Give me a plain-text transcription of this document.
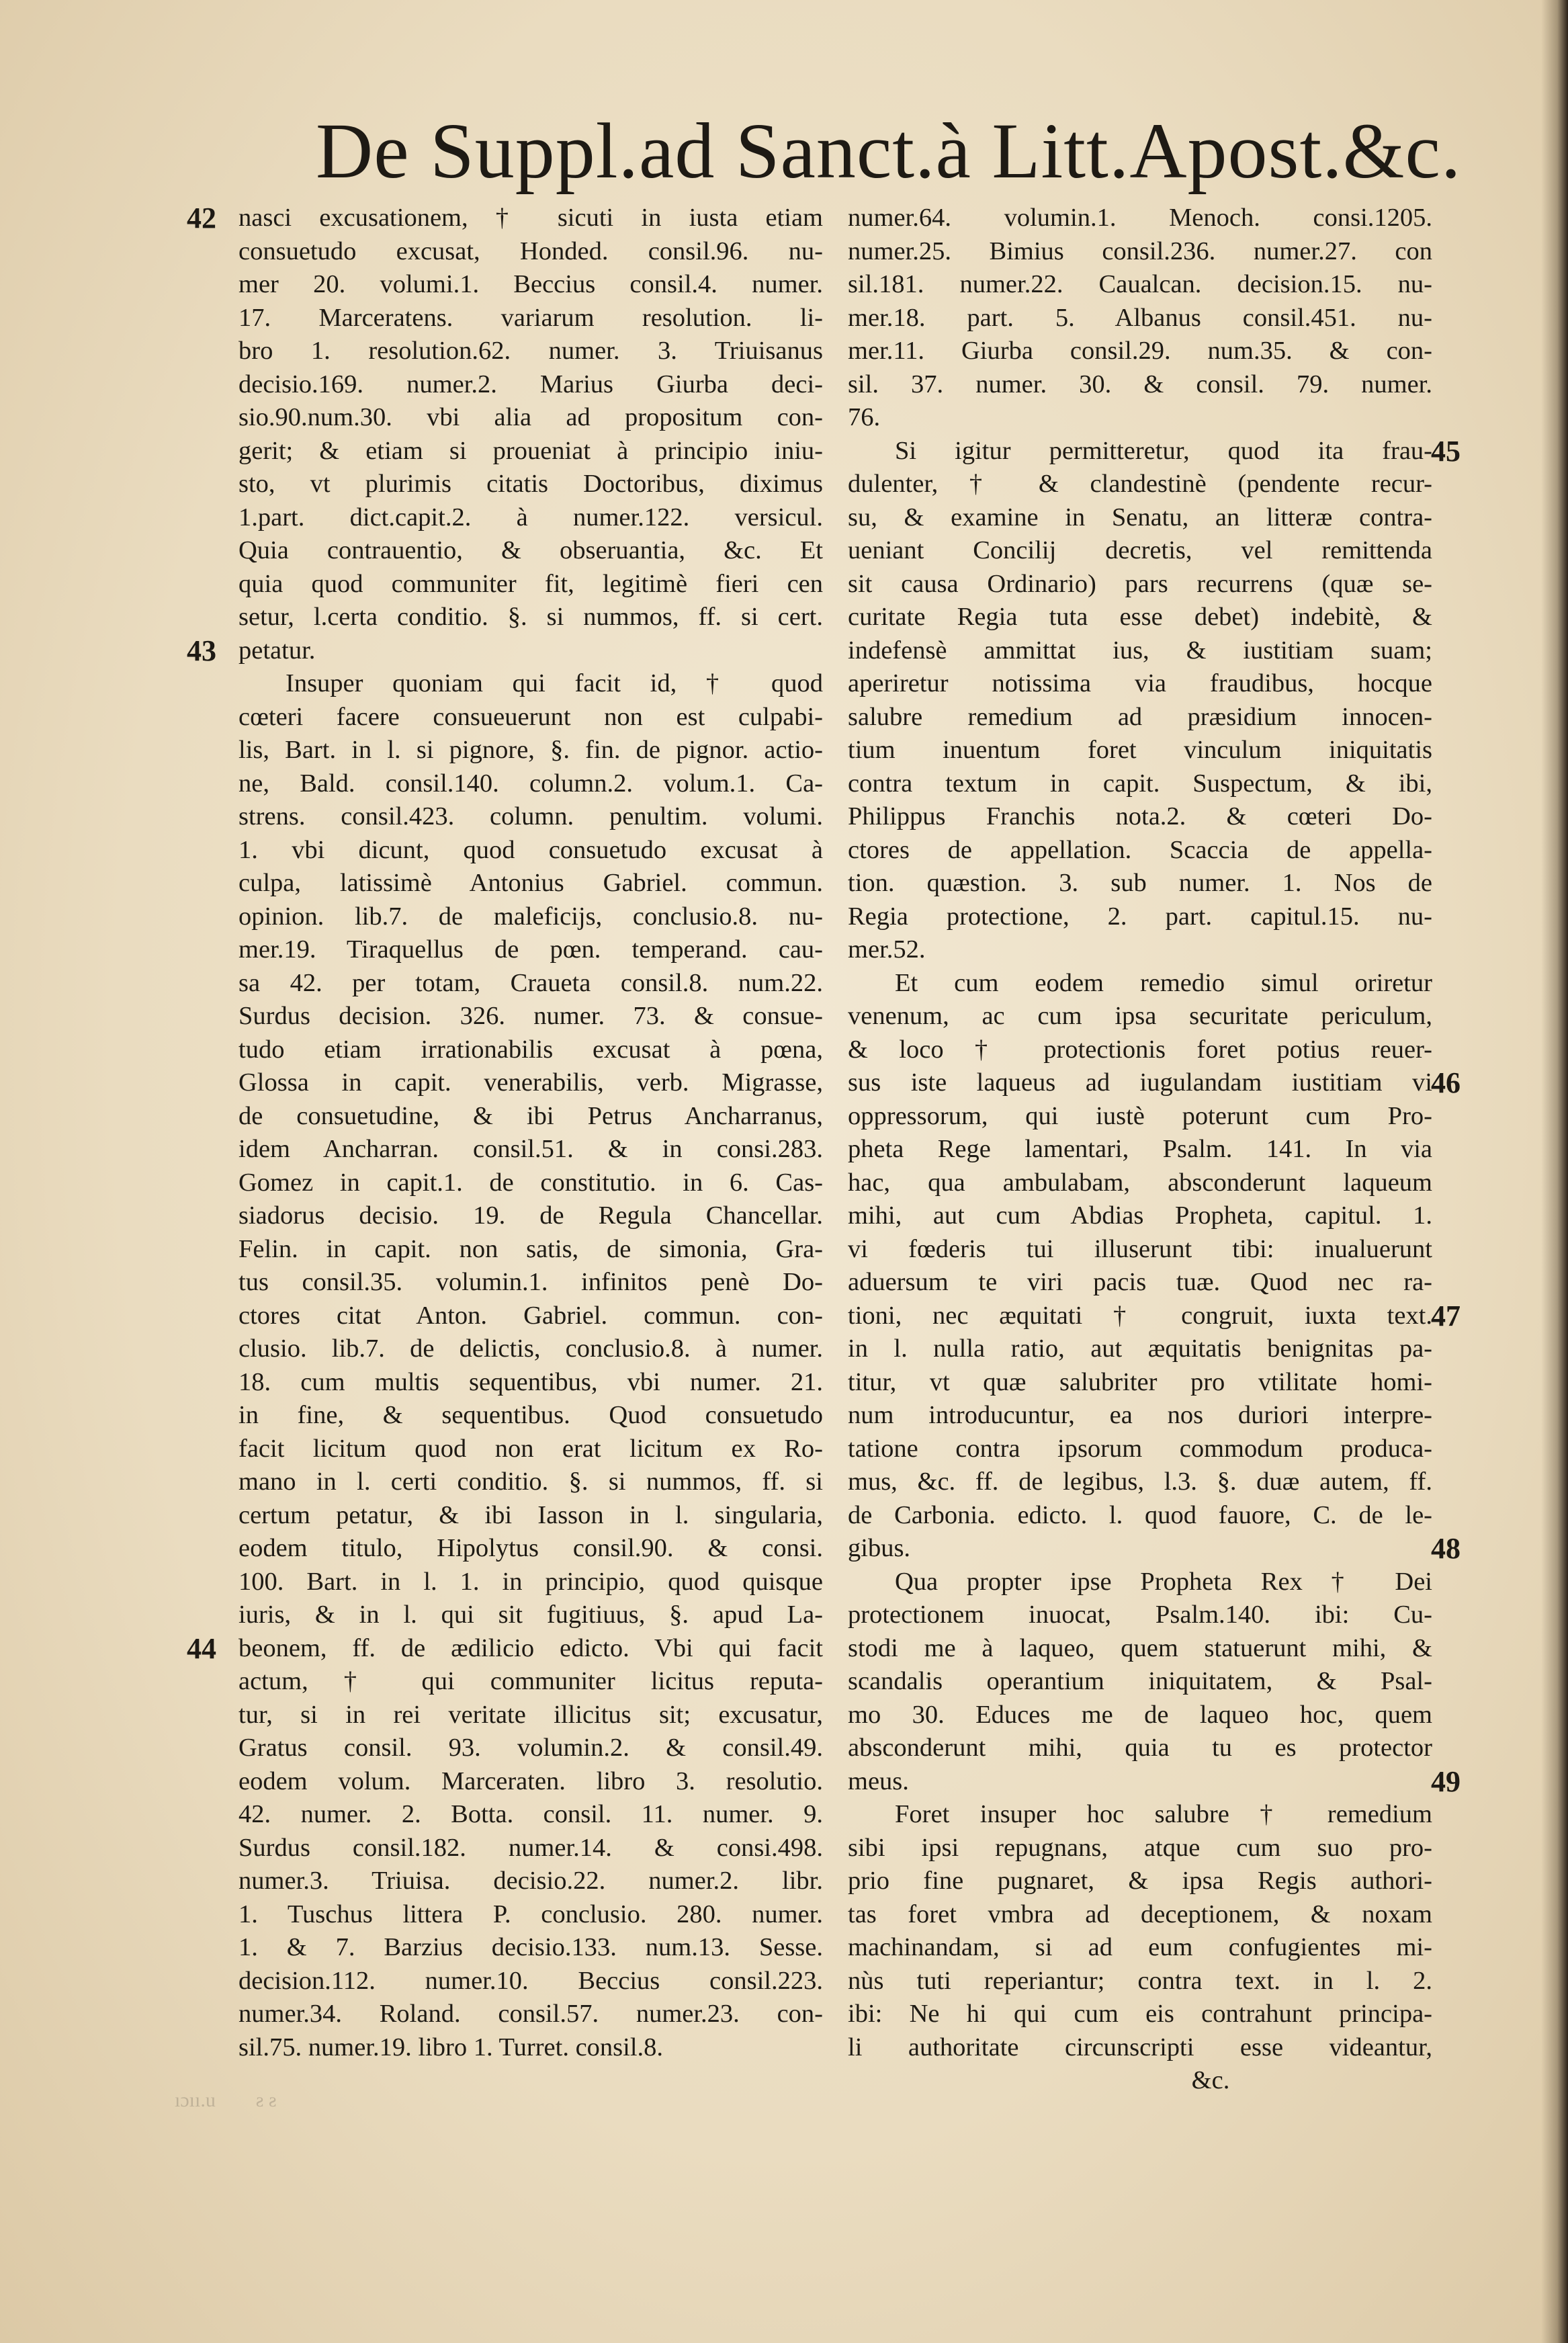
De Suppl.ad Sanct.à Litt.Apost.&c.
nasci excusationem, † sicuti in iusta etiam
consuetudo excusat, Honded. consil.96. nu-
mer 20. volumi.1. Beccius consil.4. numer.
17. Marceratens. variarum resolution. li-
bro 1. resolution.62. numer. 3. Triuisanus
decisio.169. numer.2. Marius Giurba deci-
sio.90.num.30. vbi alia ad propositum con-
gerit; & etiam si proueniat à principio iniu-
sto, vt plurimis citatis Doctoribus, diximus
1.part. dict.capit.2. à numer.122. versicul.
Quia contrauentio, & obseruantia, &c. Et
quia quod communiter fit, legitimè fieri cen
setur, l.certa conditio. §. si nummos, ff. si cert.
petatur.
Insuper quoniam qui facit id, † quod
cœteri facere consueuerunt non est culpabi-
lis, Bart. in l. si pignore, §. fin. de pignor. actio-
ne, Bald. consil.140. column.2. volum.1. Ca-
strens. consil.423. column. penultim. volumi.
1. vbi dicunt, quod consuetudo excusat à
culpa, latissimè Antonius Gabriel. commun.
opinion. lib.7. de maleficijs, conclusio.8. nu-
mer.19. Tiraquellus de pœn. temperand. cau-
sa 42. per totam, Craueta consil.8. num.22.
Surdus decision. 326. numer. 73. & consue-
tudo etiam irrationabilis excusat à pœna,
Glossa in capit. venerabilis, verb. Migrasse,
de consuetudine, & ibi Petrus Ancharranus,
idem Ancharran. consil.51. & in consi.283.
Gomez in capit.1. de constitutio. in 6. Cas-
siadorus decisio. 19. de Regula Chancellar.
Felin. in capit. non satis, de simonia, Gra-
tus consil.35. volumin.1. infinitos penè Do-
ctores citat Anton. Gabriel. commun. con-
clusio. lib.7. de delictis, conclusio.8. à numer.
18. cum multis sequentibus, vbi numer. 21.
in fine, & sequentibus. Quod consuetudo
facit licitum quod non erat licitum ex Ro-
mano in l. certi conditio. §. si nummos, ff. si
certum petatur, & ibi Iasson in l. singularia,
eodem titulo, Hipolytus consil.90. & consi.
100. Bart. in l. 1. in principio, quod quisque
iuris, & in l. qui sit fugitiuus, §. apud La-
beonem, ff. de ædilicio edicto. Vbi qui facit
actum, † qui communiter licitus reputa-
tur, si in rei veritate illicitus sit; excusatur,
Gratus consil. 93. volumin.2. & consil.49.
eodem volum. Marceraten. libro 3. resolutio.
42. numer. 2. Botta. consil. 11. numer. 9.
Surdus consil.182. numer.14. & consi.498.
numer.3. Triuisa. decisio.22. numer.2. libr.
1. Tuschus littera P. conclusio. 280. numer.
1. & 7. Barzius decisio.133. num.13. Sesse.
decision.112. numer.10. Beccius consil.223.
numer.34. Roland. consil.57. numer.23. con-
sil.75. numer.19. libro 1. Turret. consil.8.
numer.64. volumin.1. Menoch. consi.1205.
numer.25. Bimius consil.236. numer.27. con
sil.181. numer.22. Caualcan. decision.15. nu-
mer.18. part. 5. Albanus consil.451. nu-
mer.11. Giurba consil.29. num.35. & con-
sil. 37. numer. 30. & consil. 79. numer.
76.
Si igitur permitteretur, quod ita frau-
dulenter, † & clandestinè (pendente recur-
su, & examine in Senatu, an litteræ contra-
ueniant Concilij decretis, vel remittenda
sit causa Ordinario) pars recurrens (quæ se-
curitate Regia tuta esse debet) indebitè, &
indefensè ammittat ius, & iustitiam suam;
aperiretur notissima via fraudibus, hocque
salubre remedium ad præsidium innocen-
tium inuentum foret vinculum iniquitatis
contra textum in capit. Suspectum, & ibi,
Philippus Franchis nota.2. & cœteri Do-
ctores de appellation. Scaccia de appella-
tion. quæstion. 3. sub numer. 1. Nos de
Regia protectione, 2. part. capitul.15. nu-
mer.52.
Et cum eodem remedio simul oriretur
venenum, ac cum ipsa securitate periculum,
& loco † protectionis foret potius reuer-
sus iste laqueus ad iugulandam iustitiam vi
oppressorum, qui iustè poterunt cum Pro-
pheta Rege lamentari, Psalm. 141. In via
hac, qua ambulabam, absconderunt laqueum
mihi, aut cum Abdias Propheta, capitul. 1.
vi fœderis tui illuserunt tibi: inualuerunt
aduersum te viri pacis tuæ. Quod nec ra-
tioni, nec æquitati † congruit, iuxta text.
in l. nulla ratio, aut æquitatis benignitas pa-
titur, vt quæ salubriter pro vtilitate homi-
num introducuntur, ea nos duriori interpre-
tatione contra ipsorum commodum produca-
mus, &c. ff. de legibus, l.3. §. duæ autem, ff.
de Carbonia. edicto. l. quod fauore, C. de le-
gibus.
Qua propter ipse Propheta Rex † Dei
protectionem inuocat, Psalm.140. ibi: Cu-
stodi me à laqueo, quem statuerunt mihi, &
scandalis operantium iniquitatem, & Psal-
mo 30. Educes me de laqueo hoc, quem
absconderunt mihi, quia tu es protector
meus.
Foret insuper hoc salubre † remedium
sibi ipsi repugnans, atque cum suo pro-
prio fine pugnaret, & ipsa Regis authori-
tas foret vmbra ad deceptionem, & noxam
machinandam, si ad eum confugientes mi-
nùs tuti reperiantur; contra text. in l. 2.
ibi: Ne hi qui cum eis contrahunt principa-
li authoritate circunscripti esse videantur,
&c.
42
43
44
45
46
47
48
49
ıɔıı.u        ƨ ƨ
